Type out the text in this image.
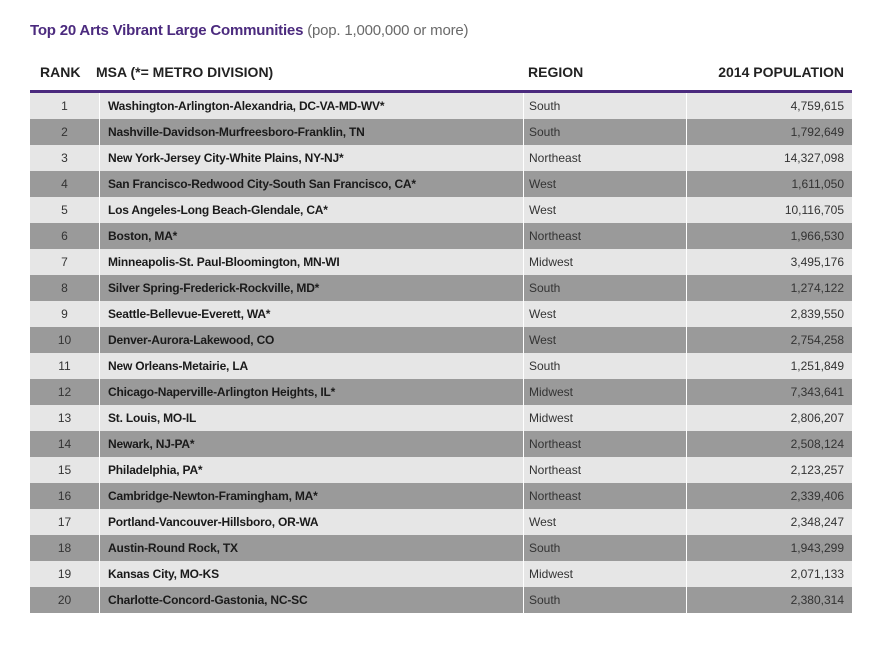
Top 20 Arts Vibrant Large Communities (pop. 1,000,000 or more)
RANK MSA (*= METRO DIVISION)	REGION	2014 POPULATION
1	Washington-Arlington-Alexandria, DC-VA-MD-WV*	South	4,759,615
2	Nashville-Davidson-Murfreesboro-Franklin, TN	South	1,792,649
3	New York-Jersey City-White Plains, NY-NJ*	Northeast	14,327,098
4	San Francisco-Redwood City-South San Francisco, CA*	West	1,611,050
5	Los Angeles-Long Beach-Glendale, CA*	West	10,116,705
6	Boston, MA*	Northeast	1,966,530
7	Minneapolis-St. Paul-Bloomington, MN-WI	Midwest	3,495,176
8	Silver Spring-Frederick-Rockville, MD*	South	1,274,122
9	Seattle-Bellevue-Everett, WA*	West	2,839,550
10	Denver-Aurora-Lakewood, CO	West	2,754,258
11	New Orleans-Metairie, LA	South	1,251,849
12	Chicago-Naperville-Arlington Heights, IL*	Midwest	7,343,641
13	St. Louis, MO-IL	Midwest	2,806,207
14	Newark, NJ-PA*	Northeast	2,508,124
15	Philadelphia, PA*	Northeast	2,123,257
16	Cambridge-Newton-Framingham, MA*	Northeast	2,339,406
17	Portland-Vancouver-Hillsboro, OR-WA	West	2,348,247
18	Austin-Round Rock, TX	South	1,943,299
19	Kansas City, MO-KS	Midwest	2,071,133
20	Charlotte-Concord-Gastonia, NC-SC	South	2,380,314
